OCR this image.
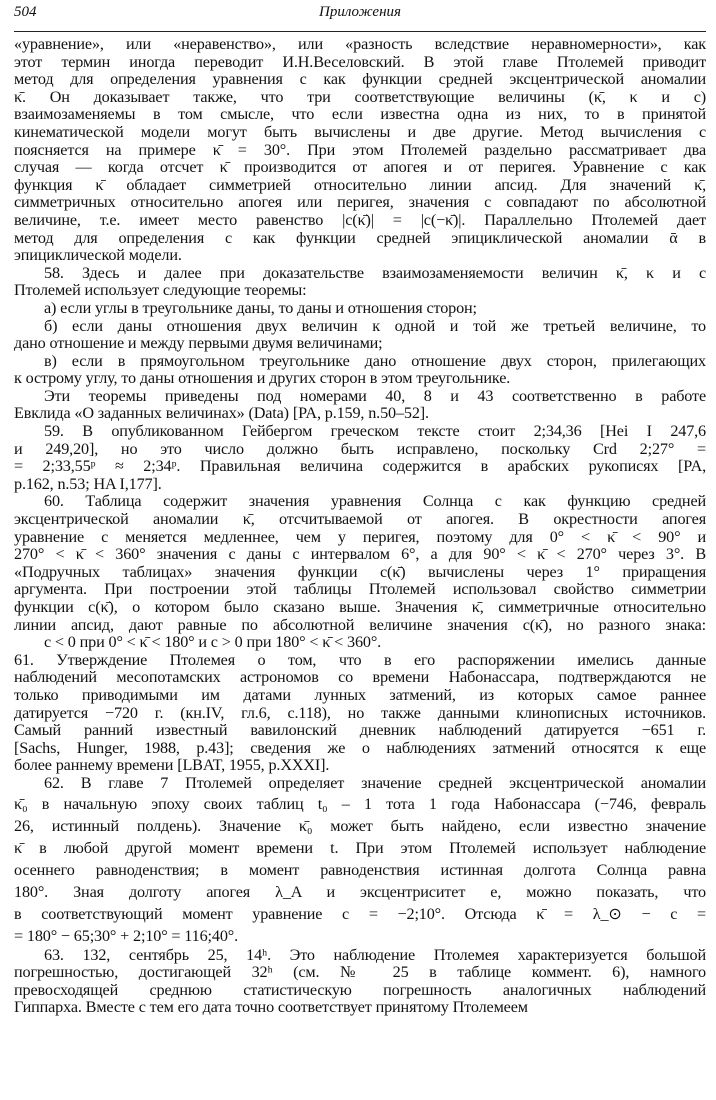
504	Приложения
«уравнение», или «неравенство», или «разность вследствие неравномерности», как
этот термин иногда переводит И.Н.Веселовский. В этой главе Птолемей приводит
метод для определения уравнения с как функции средней эксцентрической аномалии
κ̄. Он доказывает также, что три соответствующие величины (κ̄, κ и с)
взаимозаменяемы в том смысле, что если известна одна из них, то в принятой
кинематической модели могут быть вычислены и две другие. Метод вычисления с
поясняется на примере κ̄ = 30°. При этом Птолемей раздельно рассматривает два
случая — когда отсчет κ̄ производится от апогея и от перигея. Уравнение с как
функция κ̄ обладает симметрией относительно линии апсид. Для значений κ̄,
симметричных относительно апогея или перигея, значения с совпадают по абсолютной
величине, т.е. имеет место равенство |с(κ̄)| = |с(−κ̄)|. Параллельно Птолемей дает
метод для определения с как функции средней эпициклической аномалии ᾱ в
эпициклической модели.
58. Здесь и далее при доказательстве взаимозаменяемости величин κ̄, κ и с
Птолемей использует следующие теоремы:
а) если углы в треугольнике даны, то даны и отношения сторон;
б) если даны отношения двух величин к одной и той же третьей величине, то
дано отношение и между первыми двумя величинами;
в) если в прямоугольном треугольнике дано отношение двух сторон, прилегающих
к острому углу, то даны отношения и других сторон в этом треугольнике.
Эти теоремы приведены под номерами 40, 8 и 43 соответственно в работе
Евклида «О заданных величинах» (Data) [PA, p.159, n.50–52].
59. В опубликованном Гейбергом греческом тексте стоит 2;34,36 [Hei I 247,6
и 249,20], но это число должно быть исправлено, поскольку Crd 2;27° =
= 2;33,55ᵖ ≈ 2;34ᵖ. Правильная величина содержится в арабских рукописях [PA,
p.162, n.53; HA I,177].
60. Таблица содержит значения уравнения Солнца с как функцию средней
эксцентрической аномалии κ̄, отсчитываемой от апогея. В окрестности апогея
уравнение с меняется медленнее, чем у перигея, поэтому для 0° < κ̄ < 90° и
270° < κ̄ < 360° значения с даны с интервалом 6°, а для 90° < κ̄ < 270° через 3°. В
«Подручных таблицах» значения функции с(κ̄) вычислены через 1° приращения
аргумента. При построении этой таблицы Птолемей использовал свойство симметрии
функции с(κ̄), о котором было сказано выше. Значения κ̄, симметричные относительно
линии апсид, дают равные по абсолютной величине значения с(κ̄), но разного знака:
с < 0 при 0° < κ̄ < 180° и с > 0 при 180° < κ̄ < 360°.
61. Утверждение Птолемея о том, что в его распоряжении имелись данные
наблюдений месопотамских астрономов со времени Набонассара, подтверждаются не
только приводимыми им датами лунных затмений, из которых самое раннее
датируется −720 г. (кн.IV, гл.6, с.118), но также данными клинописных источников.
Самый ранний известный вавилонский дневник наблюдений датируется −651 г.
[Sachs, Hunger, 1988, p.43]; сведения же о наблюдениях затмений относятся к еще
более раннему времени [LBAT, 1955, p.XXXI].
62. В главе 7 Птолемей определяет значение средней эксцентрической аномалии
κ̄₀ в начальную эпоху своих таблиц t₀ – 1 тота 1 года Набонассара (−746, февраль
26, истинный полдень). Значение κ̄₀ может быть найдено, если известно значение
κ̄ в любой другой момент времени t. При этом Птолемей использует наблюдение
осеннего равноденствия; в момент равноденствия истинная долгота Солнца равна
180°. Зная долготу апогея λ_A и эксцентриситет e, можно показать, что
в соответствующий момент уравнение с = −2;10°. Отсюда κ̄ = λ_⊙ − с =
= 180° − 65;30° + 2;10° = 116;40°.
63. 132, сентябрь 25, 14ʰ. Это наблюдение Птолемея характеризуется большой
погрешностью, достигающей 32ʰ (см. № 25 в таблице коммент. 6), намного
превосходящей среднюю статистическую погрешность аналогичных наблюдений
Гиппарха. Вместе с тем его дата точно соответствует принятому Птолемеем
